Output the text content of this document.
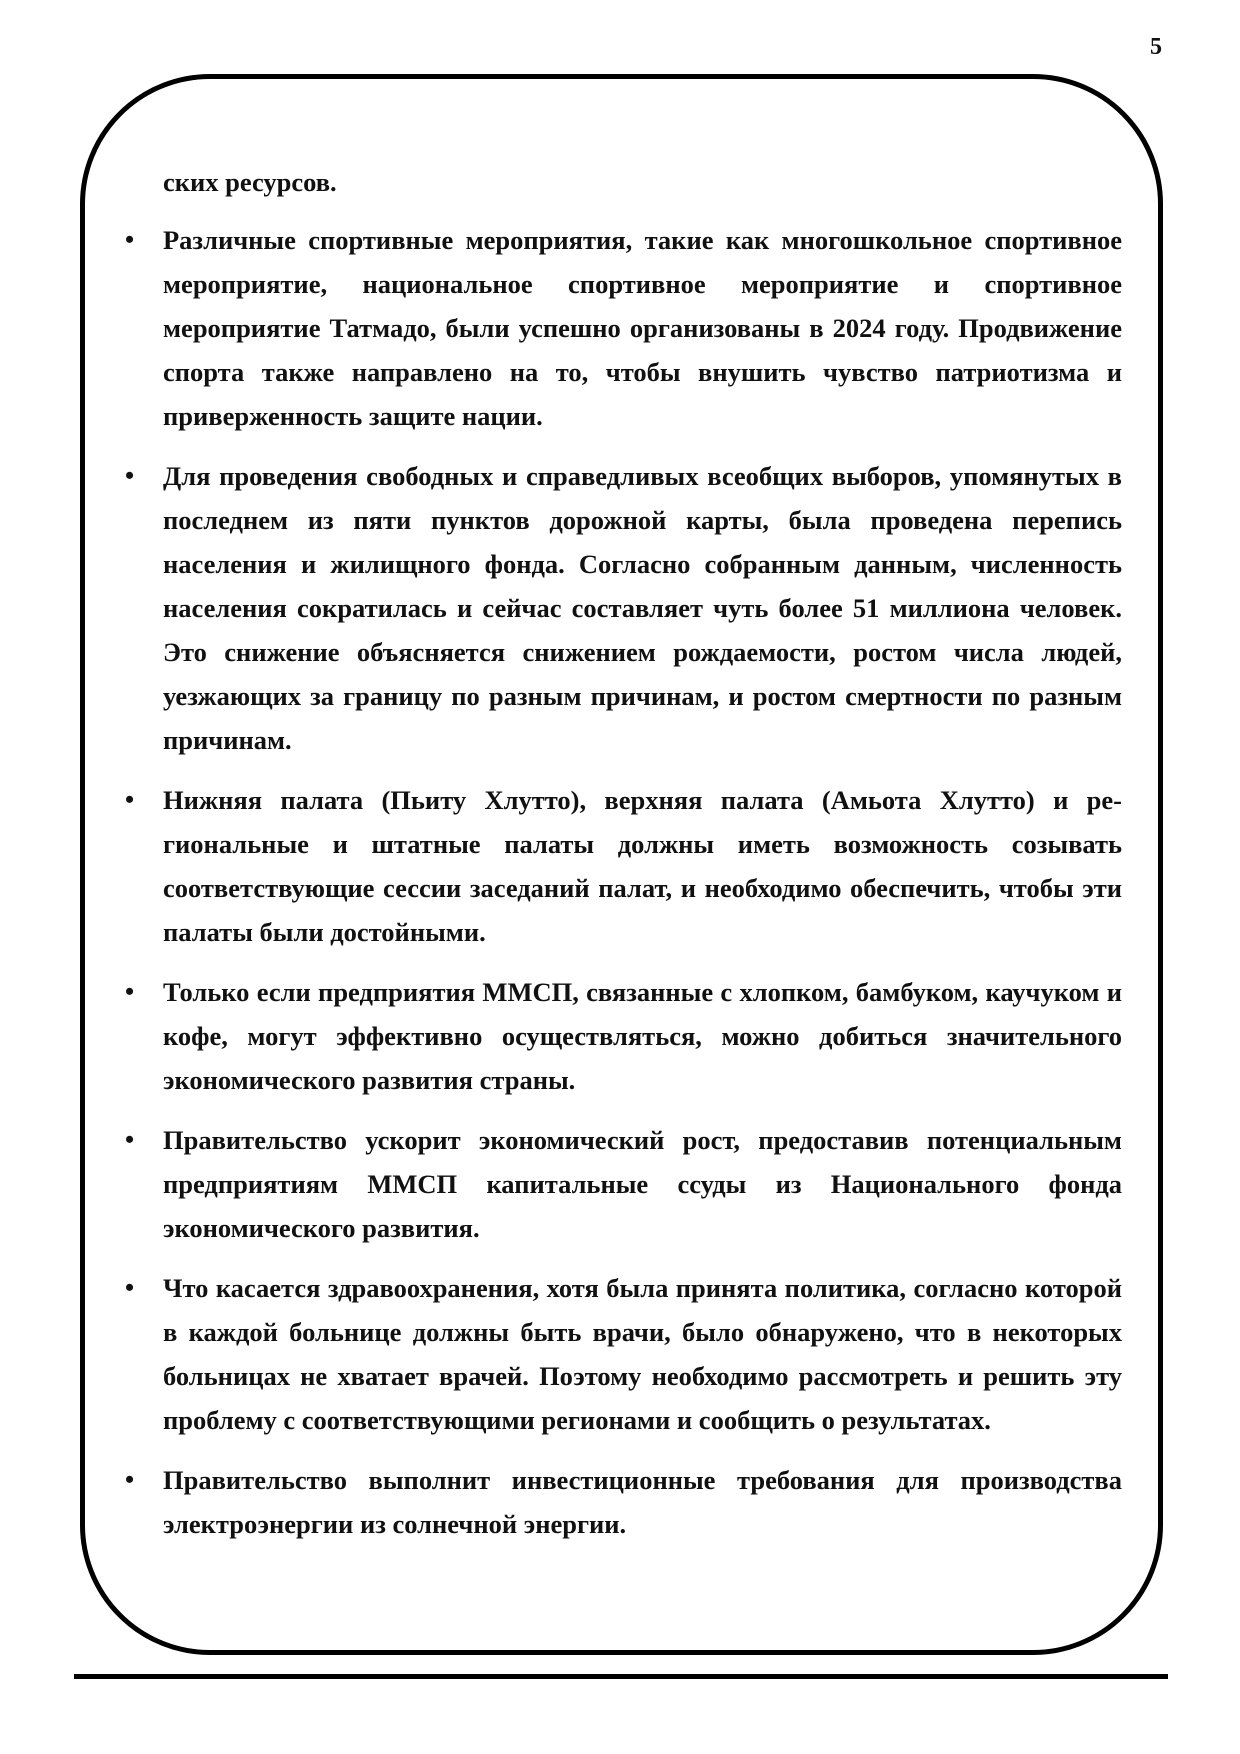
5

ских ресурсов.

• Различные спортивные мероприятия, такие как многошкольное спортивное мероприятие, национальное спортивное мероприятие и спортивное мероприятие Татмадо, были успешно организованы в 2024 году. Продвижение спорта также направлено на то, чтобы внушить чувство патриотизма и приверженность защите нации.
• Для проведения свободных и справедливых всеобщих выборов, упомянутых в последнем из пяти пунктов дорожной карты, была проведена перепись населения и жилищного фонда. Согласно собранным данным, численность населения сократилась и сейчас составляет чуть более 51 миллиона человек. Это снижение объясняется снижением рождаемости, ростом числа людей, уезжающих за границу по разным причинам, и ростом смертности по разным причинам.
• Нижняя палата (Пьиту Хлутто), верхняя палата (Амьота Хлутто) и региональные и штатные палаты должны иметь возможность созывать соответствующие сессии заседаний палат, и необходимо обеспечить, чтобы эти палаты были достойными.
• Только если предприятия ММСП, связанные с хлопком, бамбуком, каучуком и кофе, могут эффективно осуществляться, можно добиться значительного экономического развития страны.
• Правительство ускорит экономический рост, предоставив потенциальным предприятиям ММСП капитальные ссуды из Национального фонда экономического развития.
• Что касается здравоохранения, хотя была принята политика, согласно которой в каждой больнице должны быть врачи, было обнаружено, что в некоторых больницах не хватает врачей. Поэтому необходимо рассмотреть и решить эту проблему с соответствующими регионами и сообщить о результатах.
• Правительство выполнит инвестиционные требования для производства электроэнергии из солнечной энергии.
